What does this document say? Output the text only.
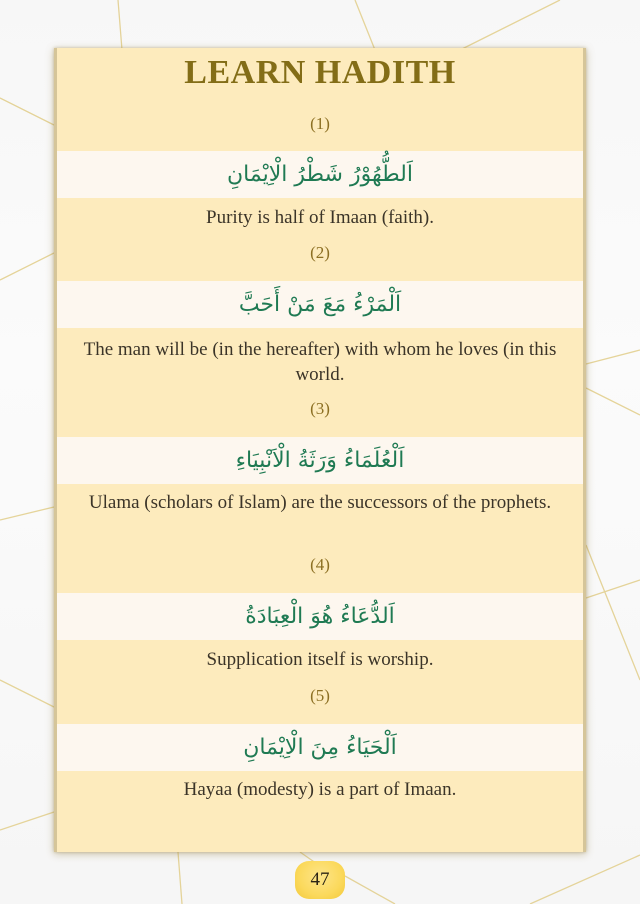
LEARN HADITH
(1)
اَلطُّهُوْرُ شَطْرُ الْاِيْمَانِ
Purity is half of Imaan (faith).
(2)
اَلْمَرْءُ مَعَ مَنْ أَحَبَّ
The man will be (in the hereafter) with whom he loves (in this world.
(3)
اَلْعُلَمَاءُ وَرَثَةُ الْاَنْبِيَاءِ
Ulama (scholars of Islam) are the successors of the prophets.
(4)
اَلدُّعَاءُ هُوَ الْعِبَادَةُ
Supplication itself is worship.
(5)
اَلْحَيَاءُ مِنَ الْاِيْمَانِ
Hayaa (modesty) is a part of Imaan.
47
